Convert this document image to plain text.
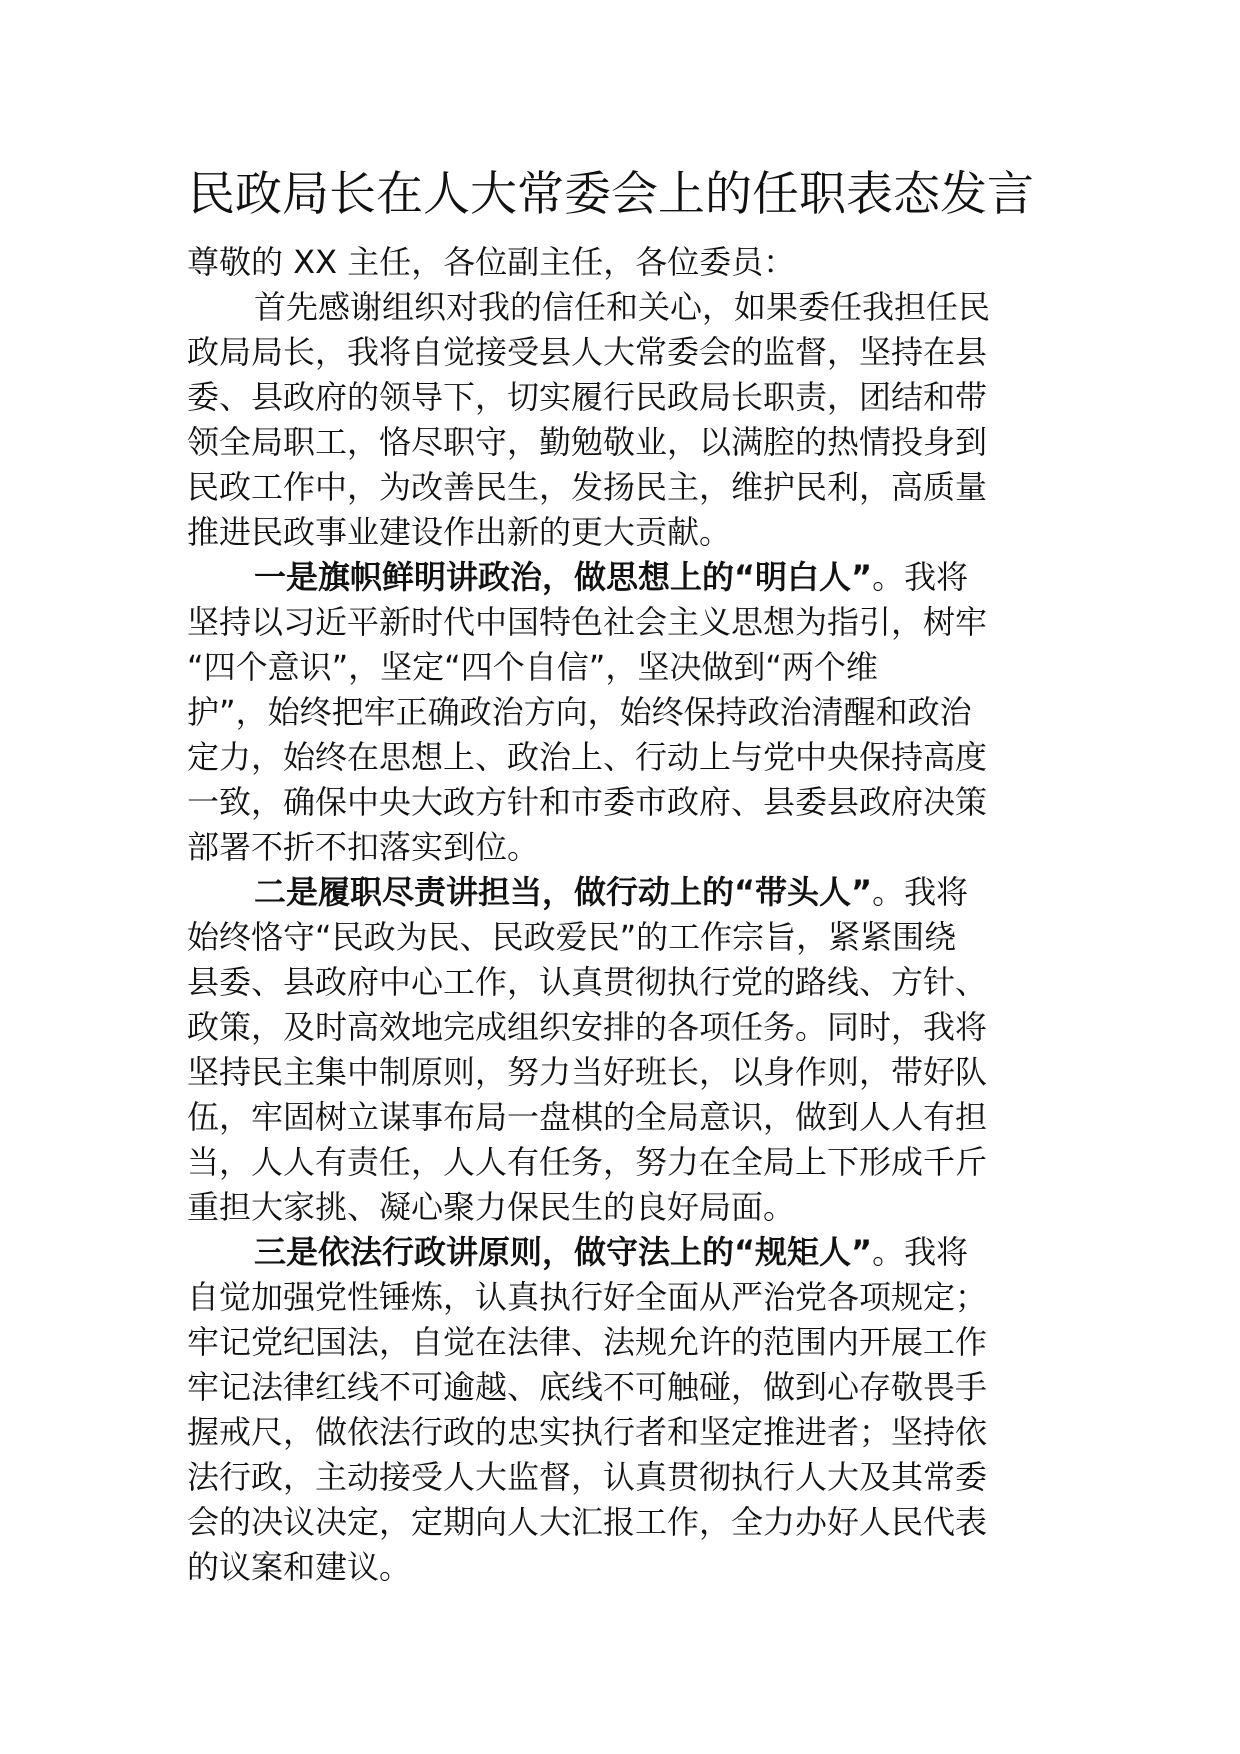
民政局长在人大常委会上的任职表态发言
尊敬的 XX 主任，各位副主任，各位委员：
首先感谢组织对我的信任和关心，如果委任我担任民
政局局长，我将自觉接受县人大常委会的监督，坚持在县
委、县政府的领导下，切实履行民政局长职责，团结和带
领全局职工，恪尽职守，勤勉敬业，以满腔的热情投身到
民政工作中，为改善民生，发扬民主，维护民利，高质量
推进民政事业建设作出新的更大贡献。
一是旗帜鲜明讲政治，做思想上的“明白人”。我将
坚持以习近平新时代中国特色社会主义思想为指引，树牢
“四个意识”，坚定“四个自信”，坚决做到“两个维
护”，始终把牢正确政治方向，始终保持政治清醒和政治
定力，始终在思想上、政治上、行动上与党中央保持高度
一致，确保中央大政方针和市委市政府、县委县政府决策
部署不折不扣落实到位。
二是履职尽责讲担当，做行动上的“带头人”。我将
始终恪守“民政为民、民政爱民”的工作宗旨，紧紧围绕
县委、县政府中心工作，认真贯彻执行党的路线、方针、
政策，及时高效地完成组织安排的各项任务。同时，我将
坚持民主集中制原则，努力当好班长，以身作则，带好队
伍，牢固树立谋事布局一盘棋的全局意识，做到人人有担
当，人人有责任，人人有任务，努力在全局上下形成千斤
重担大家挑、凝心聚力保民生的良好局面。
三是依法行政讲原则，做守法上的“规矩人”。我将
自觉加强党性锤炼，认真执行好全面从严治党各项规定；
牢记党纪国法，自觉在法律、法规允许的范围内开展工作
牢记法律红线不可逾越、底线不可触碰，做到心存敬畏手
握戒尺，做依法行政的忠实执行者和坚定推进者；坚持依
法行政，主动接受人大监督，认真贯彻执行人大及其常委
会的决议决定，定期向人大汇报工作，全力办好人民代表
的议案和建议。
